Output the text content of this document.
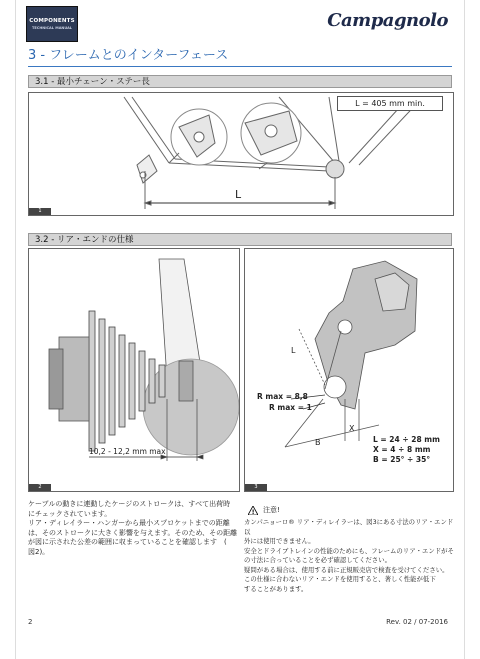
COMPONENTS
TECHNICAL MANUAL	Campagnolo
3 - フレームとのインターフェース
3.1 - 最小チェーン・ステー長
L = 405 mm min.
L
1
3.2 - リア・エンドの仕様
10,2 - 12,2 mm max
2
R max = 8,8
R max = 1
L
X
B	L = 24 ÷ 28 mm
X = 4 ÷ 8 mm
B = 25° ÷ 35°
3
ケーブルの動きに連動したケージのストロークは、すべて出荷時
にチェックされています。
リア・ディレイラー・ハンガーから最小スプロケットまでの距離
は、そのストロークに大きく影響を与えます。そのため、その距離
が図に示された公差の範囲に収まっていることを確認します　(
図2)。
! 注意!
カンパニョーロ® リア・ディレイラーは、図3にある寸法のリア・エンド以
外には使用できません。
安全とドライブトレインの性能のためにも、フレームのリア・エンドがそ
の寸法に合っていることを必ず確認してください。
疑問がある場合は、使用する前に正規販売店で検査を受けてください。
この仕様に合わないリア・エンドを使用すると、著しく性能が低下
することがあります。
2	Rev. 02 / 07-2016
